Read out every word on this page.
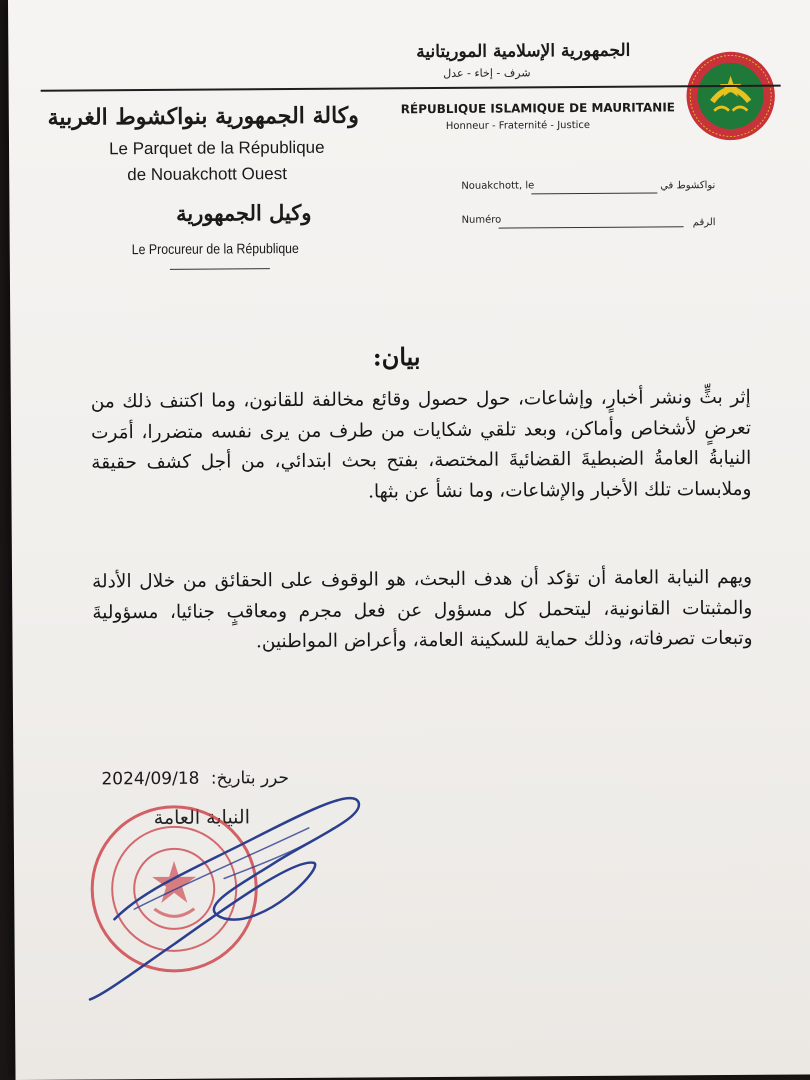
الجمهورية الإسلامية الموريتانية
شرف - إخاء - عدل
RÉPUBLIQUE ISLAMIQUE DE MAURITANIE
Honneur - Fraternité - Justice
وكالة الجمهورية بنواكشوط الغربية
Le Parquet de la République
de Nouakchott Ouest
وكيل الجمهورية
Le Procureur de la République
Nouakchott, le	نواكشوط في
Numéro	الرقم
بيان:
إثر بثٍّ ونشر أخبارٍ، وإشاعات، حول حصول وقائع مخالفة للقانون، وما اكتنف ذلك من تعرضٍ لأشخاص وأماكن، وبعد تلقي شكايات من طرف من يرى نفسه متضررا، أمَرت النيابةُ العامةُ الضبطيةَ القضائيةَ المختصة، بفتح بحث ابتدائي، من أجل كشف حقيقة وملابسات تلك الأخبار والإشاعات، وما نشأ عن بثها.
ويهم النيابة العامة أن تؤكد أن هدف البحث، هو الوقوف على الحقائق من خلال الأدلة والمثبتات القانونية، ليتحمل كل مسؤول عن فعل مجرم ومعاقبٍ جنائيا، مسؤوليةَ وتبعات تصرفاته، وذلك حماية للسكينة العامة، وأعراض المواطنين.
2024/09/18 حرر بتاريخ:
النيابة العامة
